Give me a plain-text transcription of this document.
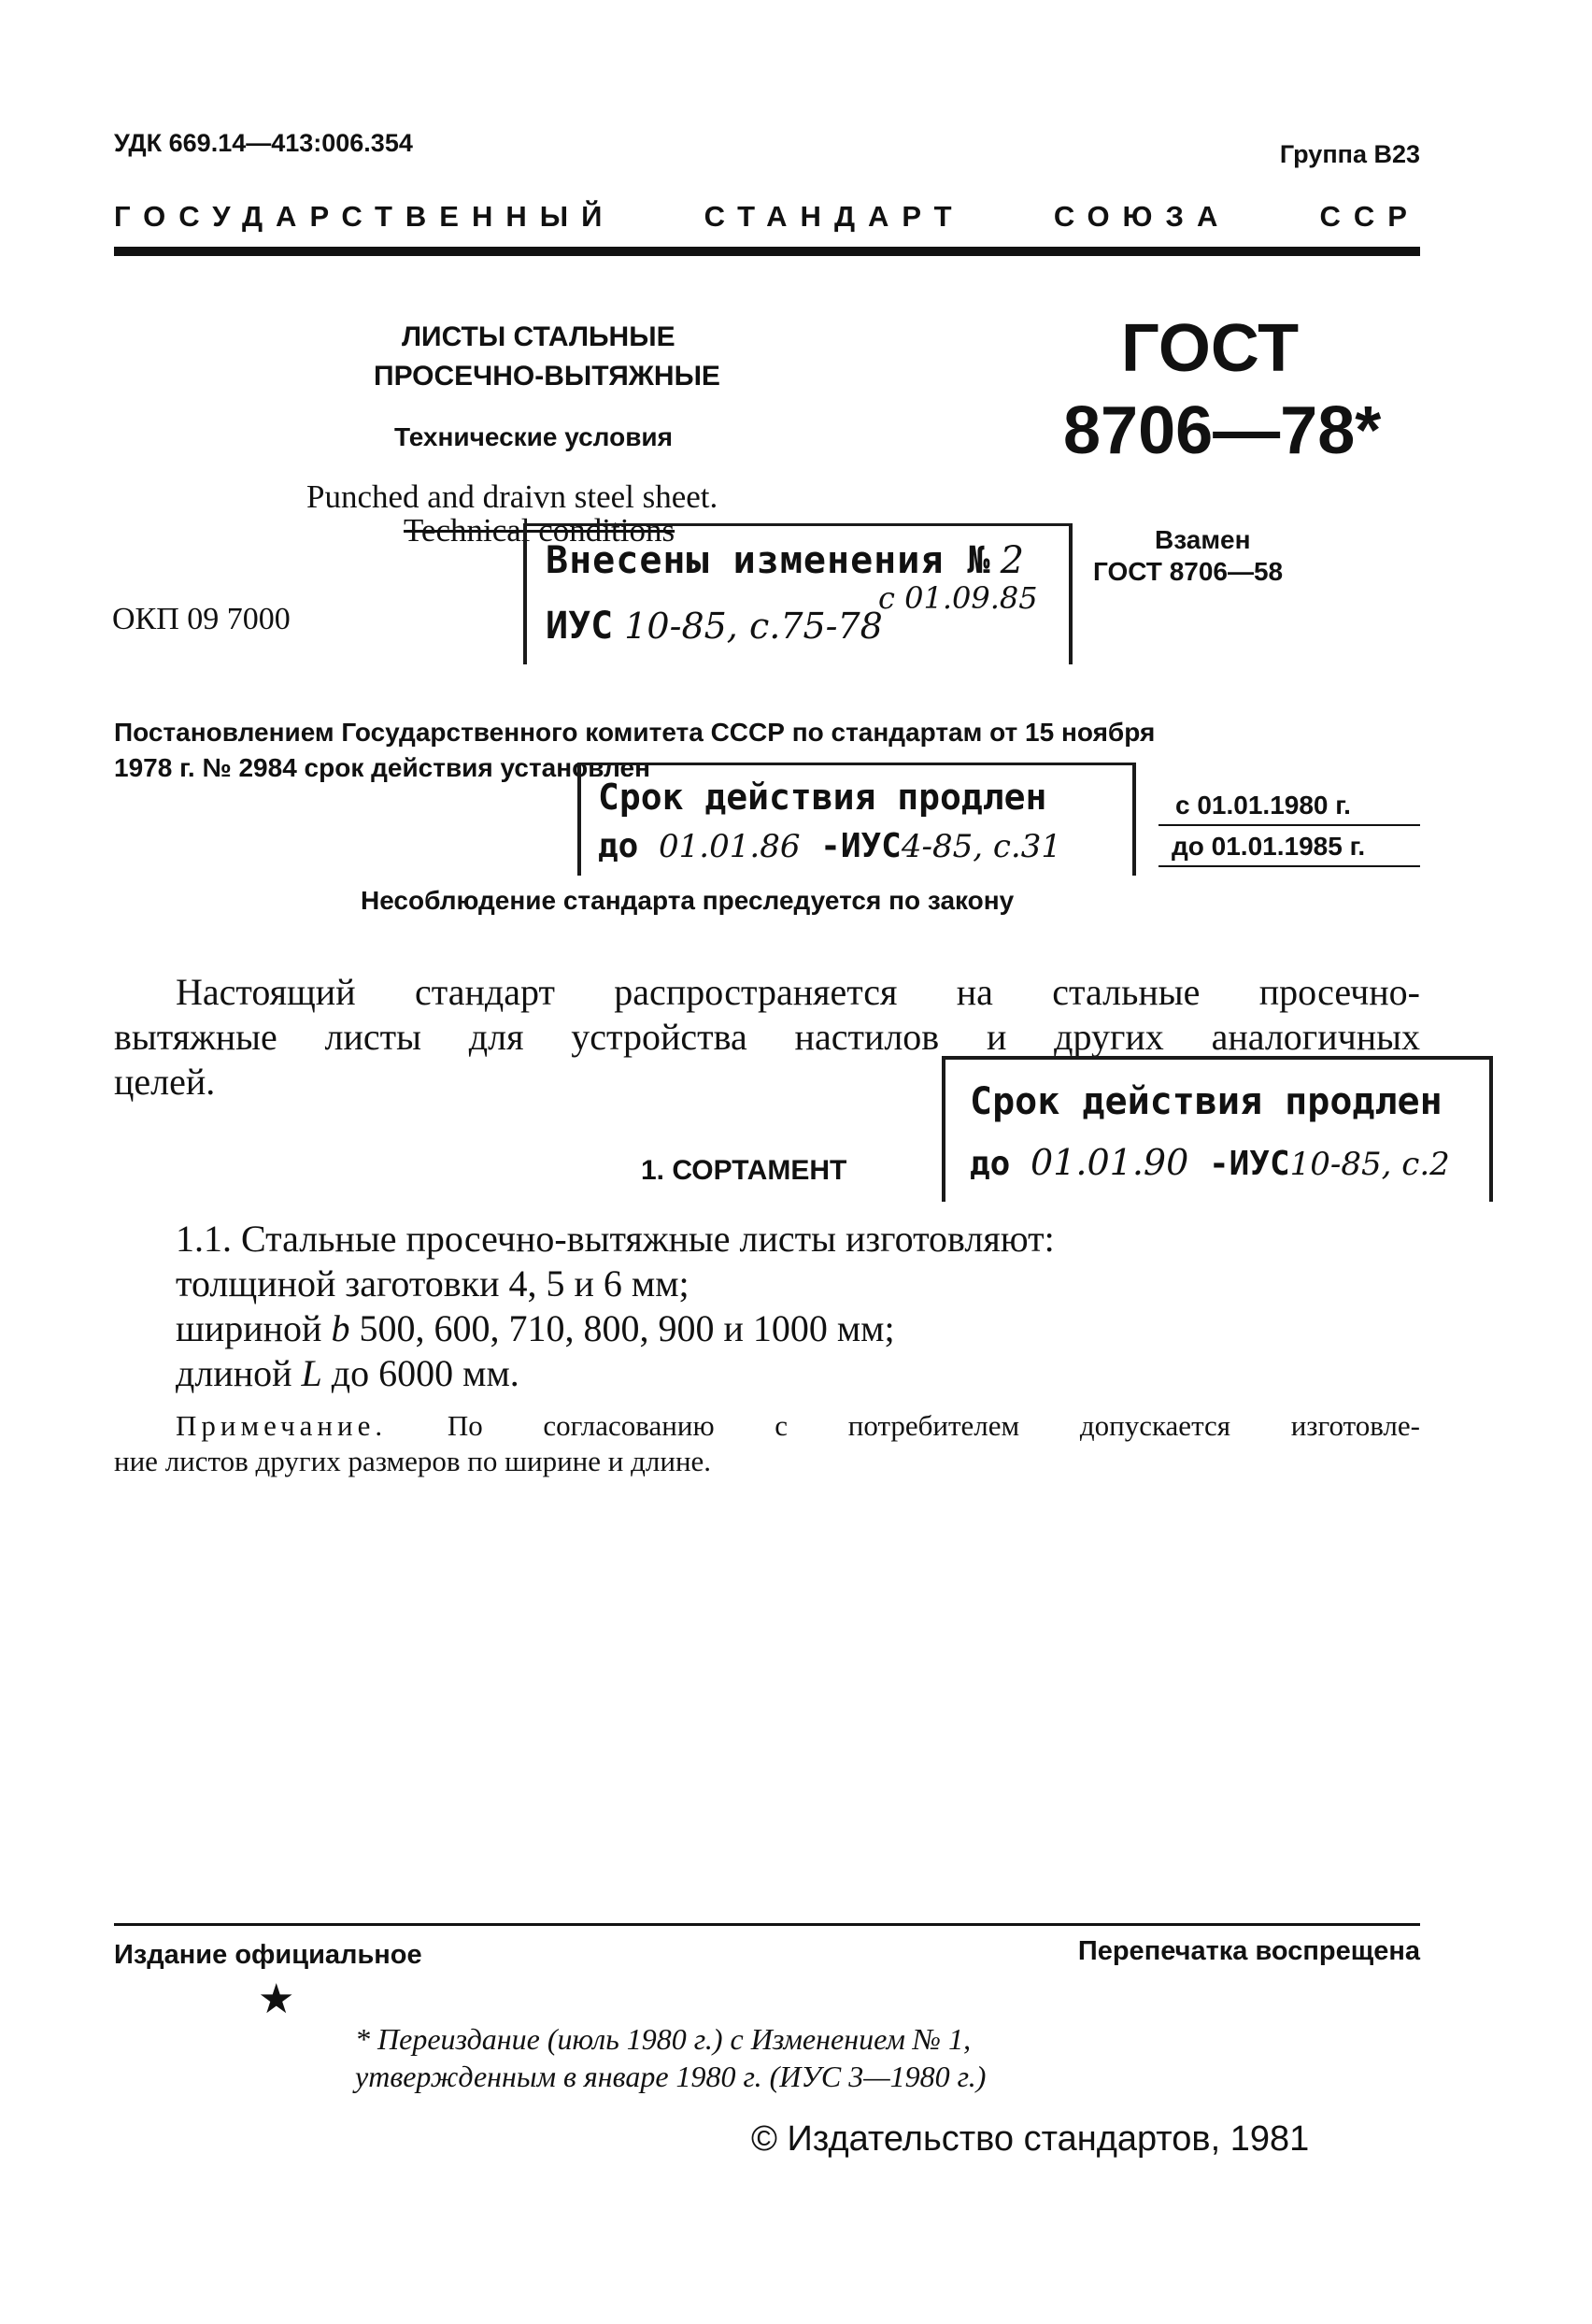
УДК 669.14—413:006.354	Группа В23
ГОСУДАРСТВЕННЫЙ СТАНДАРТ СОЮЗА ССР
ЛИСТЫ СТАЛЬНЫЕ
ПРОСЕЧНО-ВЫТЯЖНЫЕ
Технические условия
ГОСТ
8706—78*
Punched and draivn steel sheet.
Technical conditions
ОКП 09 7000
Взамен
ГОСТ 8706—58
Внесены изменения № 2
ИУС 10-85, с.75-78
с 01.09.85
Постановлением Государственного комитета СССР по стандартам от 15 ноября
1978 г. № 2984 срок действия установлен
Срок действия продлен
до 01.01.86 -ИУС4-85, с.31
с 01.01.1980 г.
до 01.01.1985 г.
Несоблюдение стандарта преследуется по закону
Настоящий стандарт распространяется на стальные просечно-
вытяжные листы для устройства настилов и других аналогичных
целей.	Срок действия продлен
до 01.01.90 -ИУС10-85, с.2
1. СОРТАМЕНТ
1.1. Стальные просечно-вытяжные листы изготовляют:
толщиной заготовки 4, 5 и 6 мм;
шириной b 500, 600, 710, 800, 900 и 1000 мм;
длиной L до 6000 мм.
Примечание. По согласованию с потребителем допускается изготовле-
ние листов других размеров по ширине и длине.
Издание официальное	Перепечатка воспрещена
★
* Переиздание (июль 1980 г.) с Изменением № 1,
утвержденным в январе 1980 г. (ИУС 3—1980 г.)
© Издательство стандартов, 1981
